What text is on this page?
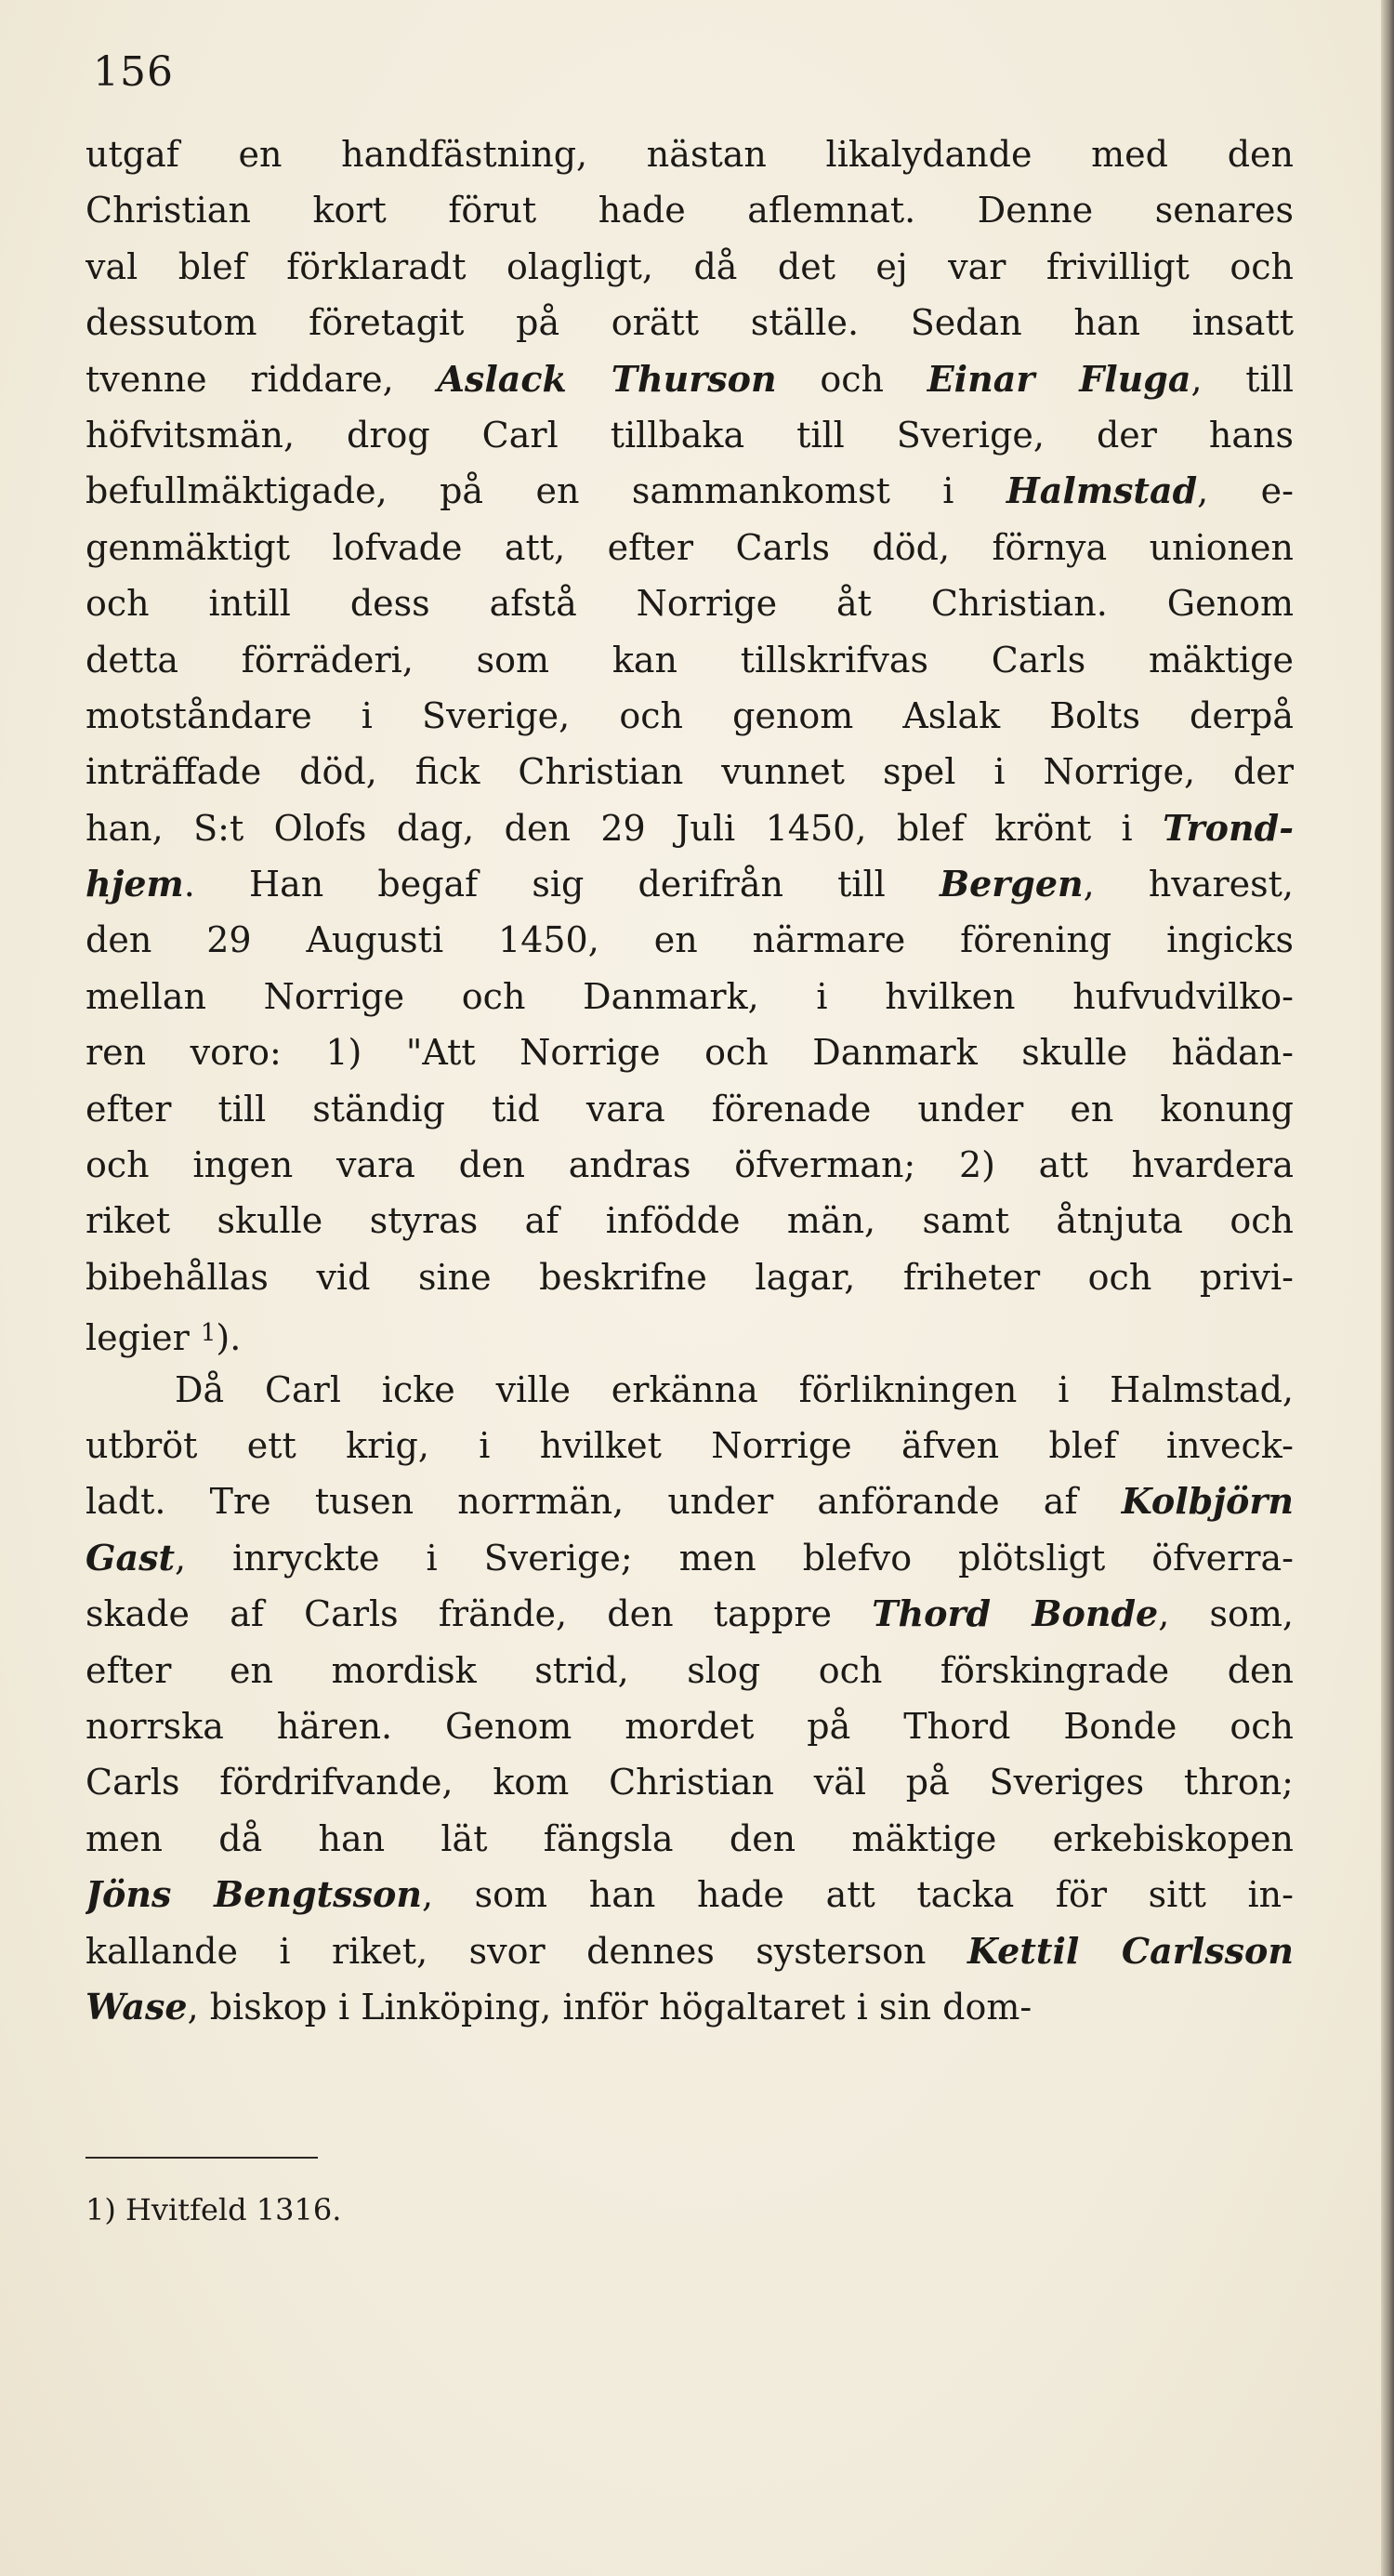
156
utgaf en handfästning, nästan likalydande med den
Christian kort förut hade aflemnat. Denne senares
val blef förklaradt olagligt, då det ej var frivilligt och
dessutom företagit på orätt ställe. Sedan han insatt
tvenne riddare, Aslack Thurson och Einar Fluga, till
höfvitsmän, drog Carl tillbaka till Sverige, der hans
befullmäktigade, på en sammankomst i Halmstad, e-
genmäktigt lofvade att, efter Carls död, förnya unionen
och intill dess afstå Norrige åt Christian. Genom
detta förräderi, som kan tillskrifvas Carls mäktige
motståndare i Sverige, och genom Aslak Bolts derpå
inträffade död, fick Christian vunnet spel i Norrige, der
han, S:t Olofs dag, den 29 Juli 1450, blef krönt i Trond-
hjem. Han begaf sig derifrån till Bergen, hvarest,
den 29 Augusti 1450, en närmare förening ingicks
mellan Norrige och Danmark, i hvilken hufvudvilko-
ren voro: 1) "Att Norrige och Danmark skulle hädan-
efter till ständig tid vara förenade under en konung
och ingen vara den andras öfverman; 2) att hvardera
riket skulle styras af infödde män, samt åtnjuta och
bibehållas vid sine beskrifne lagar, friheter och privi-
legier $^1$).
Då Carl icke ville erkänna förlikningen i Halmstad,
utbröt ett krig, i hvilket Norrige äfven blef inveck-
ladt. Tre tusen norrmän, under anförande af Kolbjörn
Gast, inryckte i Sverige; men blefvo plötsligt öfverra-
skade af Carls frände, den tappre Thord Bonde, som,
efter en mordisk strid, slog och förskingrade den
norrska hären. Genom mordet på Thord Bonde och
Carls fördrifvande, kom Christian väl på Sveriges thron;
men då han lät fängsla den mäktige erkebiskopen
Jöns Bengtsson, som han hade att tacka för sitt in-
kallande i riket, svor dennes systerson Kettil Carlsson
Wase, biskop i Linköping, inför högaltaret i sin dom-
1) Hvitfeld 1316.
